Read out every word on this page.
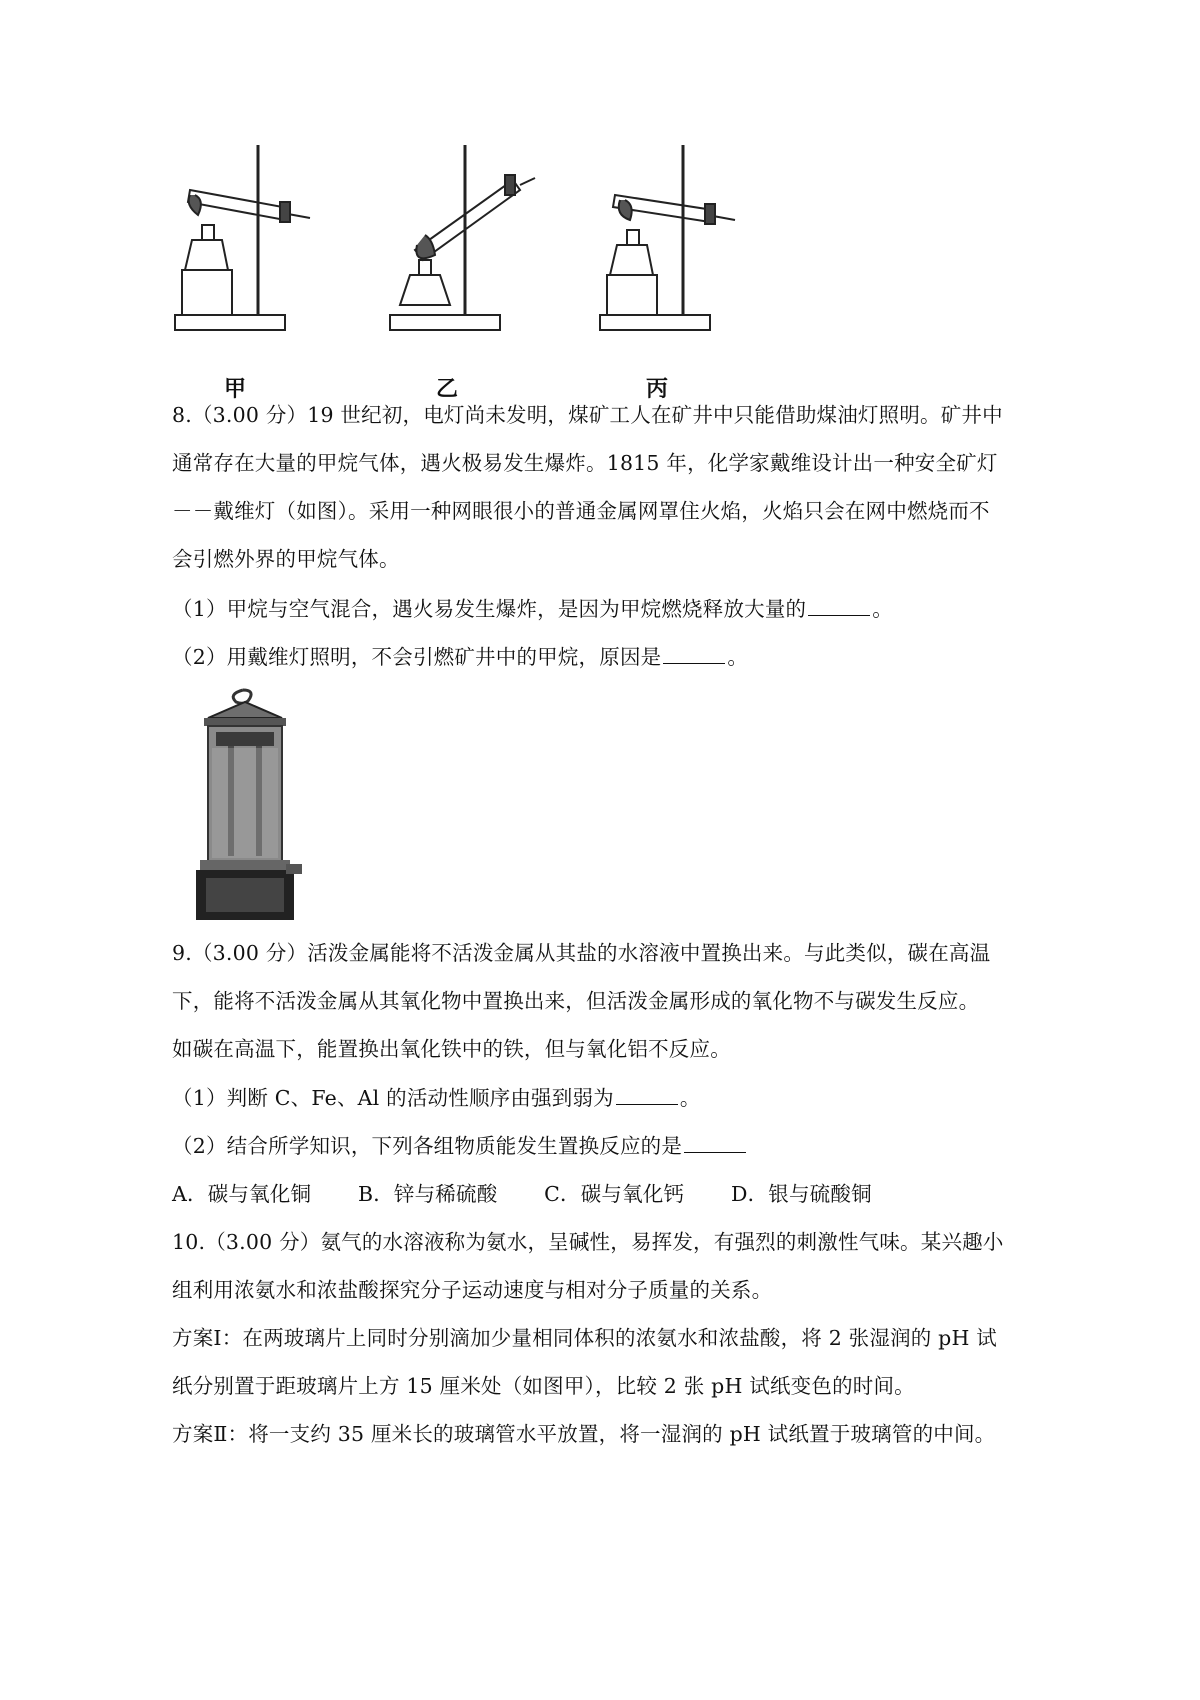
甲	乙	丙
8.（3.00 分）19 世纪初，电灯尚未发明，煤矿工人在矿井中只能借助煤油灯照明。矿井中
通常存在大量的甲烷气体，遇火极易发生爆炸。1815 年，化学家戴维设计出一种安全矿灯
－－戴维灯（如图）。采用一种网眼很小的普通金属网罩住火焰，火焰只会在网中燃烧而不
会引燃外界的甲烷气体。
（1）甲烷与空气混合，遇火易发生爆炸，是因为甲烷燃烧释放大量的	。
（2）用戴维灯照明，不会引燃矿井中的甲烷，原因是	。
9.（3.00 分）活泼金属能将不活泼金属从其盐的水溶液中置换出来。与此类似，碳在高温
下，能将不活泼金属从其氧化物中置换出来，但活泼金属形成的氧化物不与碳发生反应。
如碳在高温下，能置换出氧化铁中的铁，但与氧化铝不反应。
（1）判断 C、Fe、Al 的活动性顺序由强到弱为	。
（2）结合所学知识，下列各组物质能发生置换反应的是
A．碳与氧化铜 B．锌与稀硫酸 C．碳与氧化钙 D．银与硫酸铜
10.（3.00 分）氨气的水溶液称为氨水，呈碱性，易挥发，有强烈的刺激性气味。某兴趣小
组利用浓氨水和浓盐酸探究分子运动速度与相对分子质量的关系。
方案Ⅰ：在两玻璃片上同时分别滴加少量相同体积的浓氨水和浓盐酸，将 2 张湿润的 pH 试
纸分别置于距玻璃片上方 15 厘米处（如图甲），比较 2 张 pH 试纸变色的时间。
方案Ⅱ：将一支约 35 厘米长的玻璃管水平放置，将一湿润的 pH 试纸置于玻璃管的中间。
